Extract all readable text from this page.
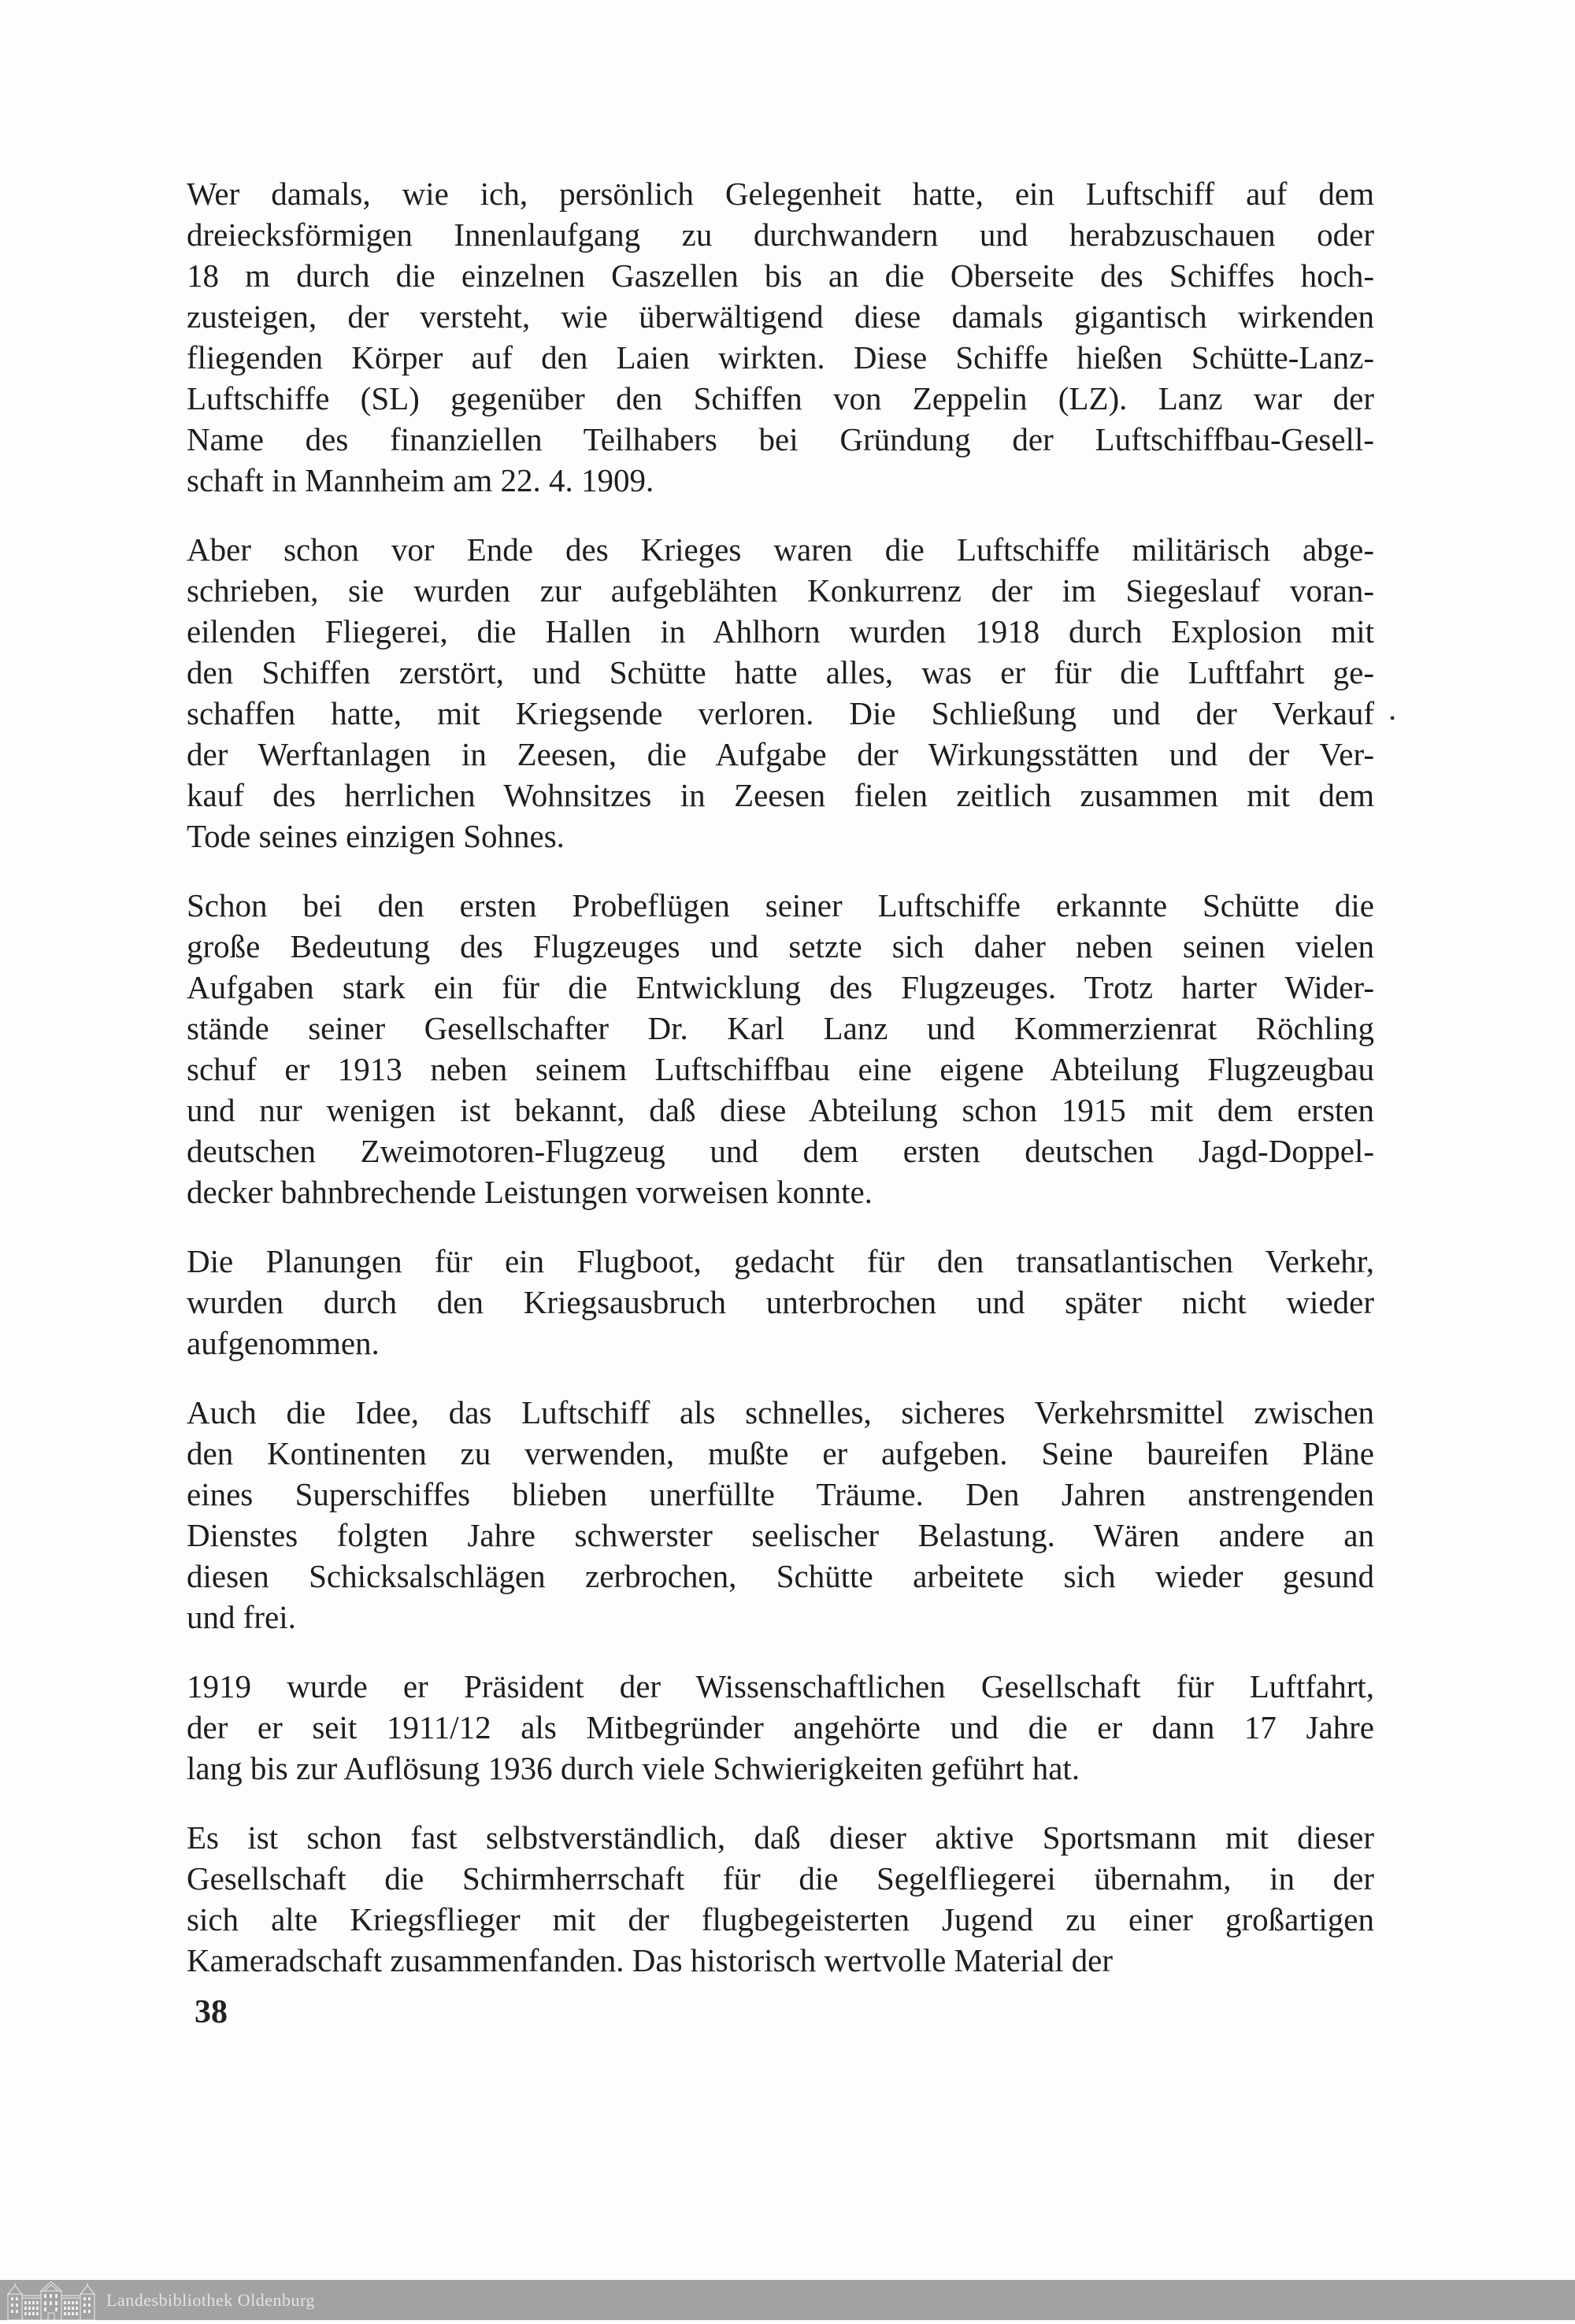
Wer damals, wie ich, persönlich Gelegenheit hatte, ein Luftschiff auf dem
dreiecksförmigen Innenlaufgang zu durchwandern und herabzuschauen oder
18 m durch die einzelnen Gaszellen bis an die Oberseite des Schiffes hoch-
zusteigen, der versteht, wie überwältigend diese damals gigantisch wirkenden
fliegenden Körper auf den Laien wirkten. Diese Schiffe hießen Schütte-Lanz-
Luftschiffe (SL) gegenüber den Schiffen von Zeppelin (LZ). Lanz war der
Name des finanziellen Teilhabers bei Gründung der Luftschiffbau-Gesell-
schaft in Mannheim am 22. 4. 1909.
Aber schon vor Ende des Krieges waren die Luftschiffe militärisch abge-
schrieben, sie wurden zur aufgeblähten Konkurrenz der im Siegeslauf voran-
eilenden Fliegerei, die Hallen in Ahlhorn wurden 1918 durch Explosion mit
den Schiffen zerstört, und Schütte hatte alles, was er für die Luftfahrt ge-
schaffen hatte, mit Kriegsende verloren. Die Schließung und der Verkauf
der Werftanlagen in Zeesen, die Aufgabe der Wirkungsstätten und der Ver-
kauf des herrlichen Wohnsitzes in Zeesen fielen zeitlich zusammen mit dem
Tode seines einzigen Sohnes.
Schon bei den ersten Probeflügen seiner Luftschiffe erkannte Schütte die
große Bedeutung des Flugzeuges und setzte sich daher neben seinen vielen
Aufgaben stark ein für die Entwicklung des Flugzeuges. Trotz harter Wider-
stände seiner Gesellschafter Dr. Karl Lanz und Kommerzienrat Röchling
schuf er 1913 neben seinem Luftschiffbau eine eigene Abteilung Flugzeugbau
und nur wenigen ist bekannt, daß diese Abteilung schon 1915 mit dem ersten
deutschen Zweimotoren-Flugzeug und dem ersten deutschen Jagd-Doppel-
decker bahnbrechende Leistungen vorweisen konnte.
Die Planungen für ein Flugboot, gedacht für den transatlantischen Verkehr,
wurden durch den Kriegsausbruch unterbrochen und später nicht wieder
aufgenommen.
Auch die Idee, das Luftschiff als schnelles, sicheres Verkehrsmittel zwischen
den Kontinenten zu verwenden, mußte er aufgeben. Seine baureifen Pläne
eines Superschiffes blieben unerfüllte Träume. Den Jahren anstrengenden
Dienstes folgten Jahre schwerster seelischer Belastung. Wären andere an
diesen Schicksalschlägen zerbrochen, Schütte arbeitete sich wieder gesund
und frei.
1919 wurde er Präsident der Wissenschaftlichen Gesellschaft für Luftfahrt,
der er seit 1911/12 als Mitbegründer angehörte und die er dann 17 Jahre
lang bis zur Auflösung 1936 durch viele Schwierigkeiten geführt hat.
Es ist schon fast selbstverständlich, daß dieser aktive Sportsmann mit dieser
Gesellschaft die Schirmherrschaft für die Segelfliegerei übernahm, in der
sich alte Kriegsflieger mit der flugbegeisterten Jugend zu einer großartigen
Kameradschaft zusammenfanden. Das historisch wertvolle Material der
.
38
Landesbibliothek Oldenburg
